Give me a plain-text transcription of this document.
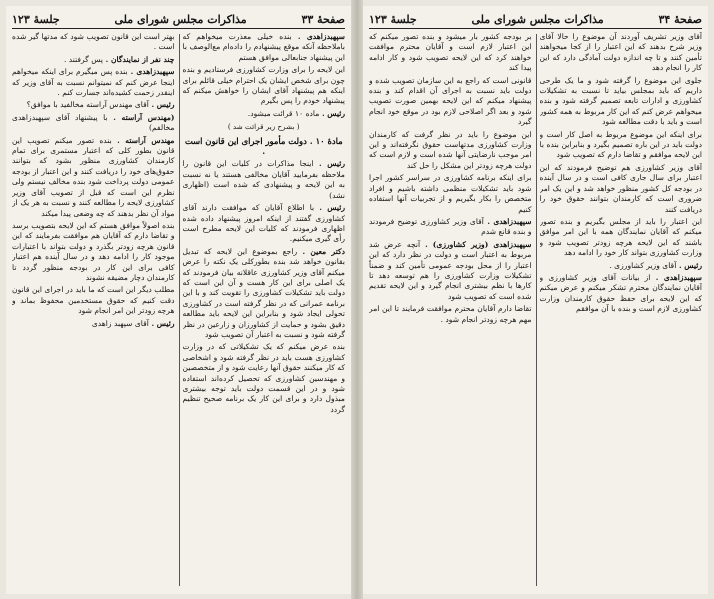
صفحهٔ ۳۳
مذاکرات مجلس شورای ملی
جلسهٔ ۱۲۳

سپهبدزاهدی . بنده خیلی معذرت میخواهم که باملاحظه آنکه موقع پیشنهادم را داده‌ام مع‌الوصف با این پیشنهاد جنابعالی موافق هستم

این لایحه را برای وزارت کشاورزی فرستادیم و بنده چون برای شخص ایشان یک احترام خیلی قائلم برای اینکه هم پیشنهاد آقای ایشان را خواهش میکنم که پیشنهاد خودم را پس بگیرم

رئیس . ماده ۱۰ قرائت میشود.

( بشرح زیر قرائت شد )

مادهٔ ۱۰ . دولت مأمور اجرای این قانون است .

رئیس . اینجا مذاکرات در کلیات این قانون را ملاحظه بفرمایید آقایان مخالفی هستند یا نه نسبت به این لایحه و پیشنهادی که شده است (اظهاری نشد)

رئیس . با اطلاع آقایان که موافقت دارند آقای کشاورزی گفتند از اینکه امروز پیشنهاد داده شده اظهاری فرمودند که کلیات این لایحه مطرح است رأی گیری میکنیم.

دکتر معین . راجع بموضوع این لایحه که تبدیل بقانون خواهد شد بنده بطورکلی یک نکته را عرض میکنم آقای وزیر کشاورزی عاقلانه بیان فرمودند که یک اصلی برای این کار هست و آن این است که دولت باید تشکیلات کشاورزی را تقویت کند و با این برنامه عمرانی که در نظر گرفته است در کشاورزی تحولی ایجاد شود و بنابراین این لایحه باید مطالعه دقیق بشود و حمایت از کشاورزان و زارعین در نظر گرفته شود و نسبت به اعتبار آن تصویب شود

بنده عرض میکنم که یک تشکیلاتی که در وزارت کشاورزی هست باید در نظر گرفته شود و اشخاصی که کار میکنند حقوق آنها رعایت شود و از متخصصین و مهندسین کشاورزی که تحصیل کرده‌اند استفاده شود و در این قسمت دولت باید توجه بیشتری مبذول دارد و برای این کار یک برنامه صحیح تنظیم گردد

بهتر است این قانون تصویب شود که مدتها گیر شده است .

چند نفر از نمایندگان . پس گرفتند .

سپهبدزاهدی . بنده پس میگیرم برای اینکه میخواهم اینجا عرض کنم که نمیتوانم نسبت به آقای وزیر که اینقدر زحمت کشیده‌اند جسارت کنم .

رئیس . آقای مهندس آراسته مخالفید با موافق؟

(مهندس آراسته . با پیشنهاد آقای سپهبدزاهدی مخالفم)

مهندس آراسته . بنده تصور میکنم تصویب این قانون بطور کلی که اعتبار مستمری برای تمام کارمندان کشاورزی منظور بشود که بتوانند حقوق‌های خود را دریافت کنند و این اعتبار از بودجه عمومی دولت پرداخت شود بنده مخالف نیستم ولی نظرم این است که قبل از تصویب آقای وزیر کشاورزی لایحه را مطالعه کنند و نسبت به هر یک از مواد آن نظر بدهند که چه وضعی پیدا میکند

بنده اصولاً موافق هستم که این لایحه بتصویب برسد و تقاضا دارم که آقایان هم موافقت بفرمایند که این قانون هرچه زودتر بگذرد و دولت بتواند با اعتبارات موجود کار را ادامه دهد و در سال آینده هم اعتبار کافی برای این کار در بودجه منظور گردد تا کارمندان دچار مضیقه نشوند

مطلب دیگر این است که ما باید در اجرای این قانون دقت کنیم که حقوق مستخدمین محفوظ بماند و هرچه زودتر این امر انجام شود

رئیس . آقای سپهبد زاهدی

صفحهٔ ۳۴
مذاکرات مجلس شورای ملی
جلسهٔ ۱۲۳

آقای وزیر تشریف آوردند آن موضوع را حالا آقای وزیر شرح بدهند که این اعتبار را از کجا میخواهند تأمین کنند و تا چه اندازه دولت آمادگی دارد که این کار را انجام دهد

جلوی این موضوع را گرفته شود و ما یک طرحی داریم که باید بمجلس بیاید تا نسبت به تشکیلات کشاورزی و ادارات تابعه تصمیم گرفته شود و بنده میخواهم عرض کنم که این کار مربوط به همه کشور است و باید با دقت مطالعه شود

برای اینکه این موضوع مربوط به اصل کار است و دولت باید در این باره تصمیم بگیرد و بنابراین بنده با این لایحه موافقم و تقاضا دارم که تصویب شود

آقای وزیر کشاورزی هم توضیح فرمودند که این اعتبار برای سال جاری کافی است و در سال آینده در بودجه کل کشور منظور خواهد شد و این یک امر ضروری است که کارمندان بتوانند حقوق خود را دریافت کنند

این اعتبار را باید از مجلس بگیریم و بنده تصور میکنم که آقایان نمایندگان همه با این امر موافق باشند که این لایحه هرچه زودتر تصویب شود و وزارت کشاورزی بتواند کار خود را ادامه دهد

رئیس . آقای وزیر کشاورزی .

سپهبدزاهدی . از بیانات آقای وزیر کشاورزی و آقایان نمایندگان محترم تشکر میکنم و عرض میکنم که این لایحه برای حفظ حقوق کارمندان وزارت کشاورزی لازم است و بنده با آن موافقم

بر بودجه کشور بار میشود و بنده تصور میکنم که این اعتبار لازم است و آقایان محترم موافقت خواهند کرد که این لایحه تصویب شود و کار ادامه پیدا کند

قانونی است که راجع به این سازمان تصویب شده و دولت باید نسبت به اجرای آن اقدام کند و بنده پیشنهاد میکنم که این لایحه بهمین صورت تصویب شود و بعد اگر اصلاحی لازم بود در موقع خود انجام گیرد

این موضوع را باید در نظر گرفت که کارمندان وزارت کشاورزی مدتهاست حقوق نگرفته‌اند و این امر موجب نارضایتی آنها شده است و لازم است که دولت هرچه زودتر این مشکل را حل کند

برای اینکه برنامه کشاورزی در سراسر کشور اجرا شود باید تشکیلات منظمی داشته باشیم و افراد متخصص را بکار بگیریم و از تجربیات آنها استفاده کنیم

سپهبدزاهدی . آقای وزیر کشاورزی توضیح فرمودند و بنده قانع شدم

سپهبدزاهدی (وزیر کشاورزی) . آنچه عرض شد مربوط به اعتبار است و دولت در نظر دارد که این اعتبار را از محل بودجه عمومی تأمین کند و ضمناً تشکیلات وزارت کشاورزی را هم توسعه دهد تا کارها با نظم بیشتری انجام گیرد و این لایحه تقدیم شده است که تصویب شود

تقاضا دارم آقایان محترم موافقت فرمایند تا این امر مهم هرچه زودتر انجام شود .
